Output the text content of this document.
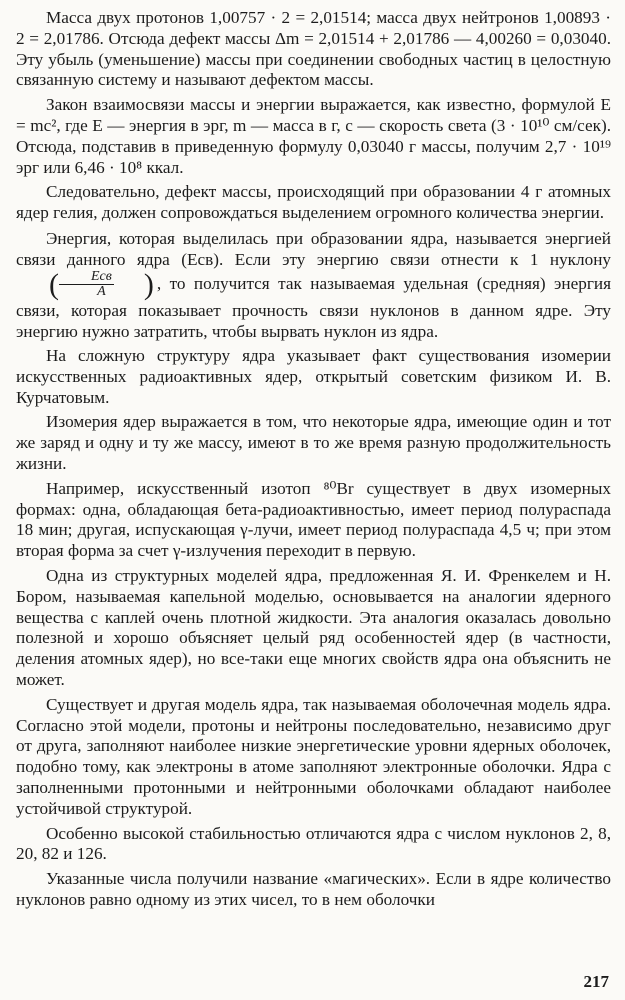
Масса двух протонов 1,00757 · 2 = 2,01514; масса двух нейтронов 1,00893 · 2 = 2,01786. Отсюда дефект массы Δm = 2,01514 + 2,01786 — 4,00260 = 0,03040. Эту убыль (уменьшение) массы при соединении свободных частиц в целостную связанную систему и называют дефектом массы.

Закон взаимосвязи массы и энергии выражается, как известно, формулой E = mc², где E — энергия в эрг, m — масса в г, c — скорость света (3 · 10¹⁰ см/сек). Отсюда, подставив в приведенную формулу 0,03040 г массы, получим 2,7 · 10¹⁹ эрг или 6,46 · 10⁸ ккал.

Следовательно, дефект массы, происходящий при образовании 4 г атомных ядер гелия, должен сопровождаться выделением огромного количества энергии.

Энергия, которая выделилась при образовании ядра, называется энергией связи данного ядра (Eсв). Если эту энергию связи отнести к 1 нуклону
( $\frac{\text{Eсв}}{A}$	) , то получится так называемая удельная (средняя) энергия связи, которая показывает прочность связи нуклонов в данном ядре. Эту энергию нужно затратить, чтобы вырвать нуклон из ядра.

На сложную структуру ядра указывает факт существования изомерии искусственных радиоактивных ядер, открытый советским физиком И. В. Курчатовым.

Изомерия ядер выражается в том, что некоторые ядра, имеющие один и тот же заряд и одну и ту же массу, имеют в то же время разную продолжительность жизни.

Например, искусственный изотоп ⁸⁰Br существует в двух изомерных формах: одна, обладающая бета-радиоактивностью, имеет период полураспада 18 мин; другая, испускающая γ-лучи, имеет период полураспада 4,5 ч; при этом вторая форма за счет γ-излучения переходит в первую.

Одна из структурных моделей ядра, предложенная Я. И. Френкелем и Н. Бором, называемая капельной моделью, основывается на аналогии ядерного вещества с каплей очень плотной жидкости. Эта аналогия оказалась довольно полезной и хорошо объясняет целый ряд особенностей ядер (в частности, деления атомных ядер), но все-таки еще многих свойств ядра она объяснить не может.

Существует и другая модель ядра, так называемая оболочечная модель ядра. Согласно этой модели, протоны и нейтроны последовательно, независимо друг от друга, заполняют наиболее низкие энергетические уровни ядерных оболочек, подобно тому, как электроны в атоме заполняют электронные оболочки. Ядра с заполненными протонными и нейтронными оболочками обладают наиболее устойчивой структурой.

Особенно высокой стабильностью отличаются ядра с числом нуклонов 2, 8, 20, 82 и 126.

Указанные числа получили название «магических». Если в ядре количество нуклонов равно одному из этих чисел, то в нем оболочки

217
